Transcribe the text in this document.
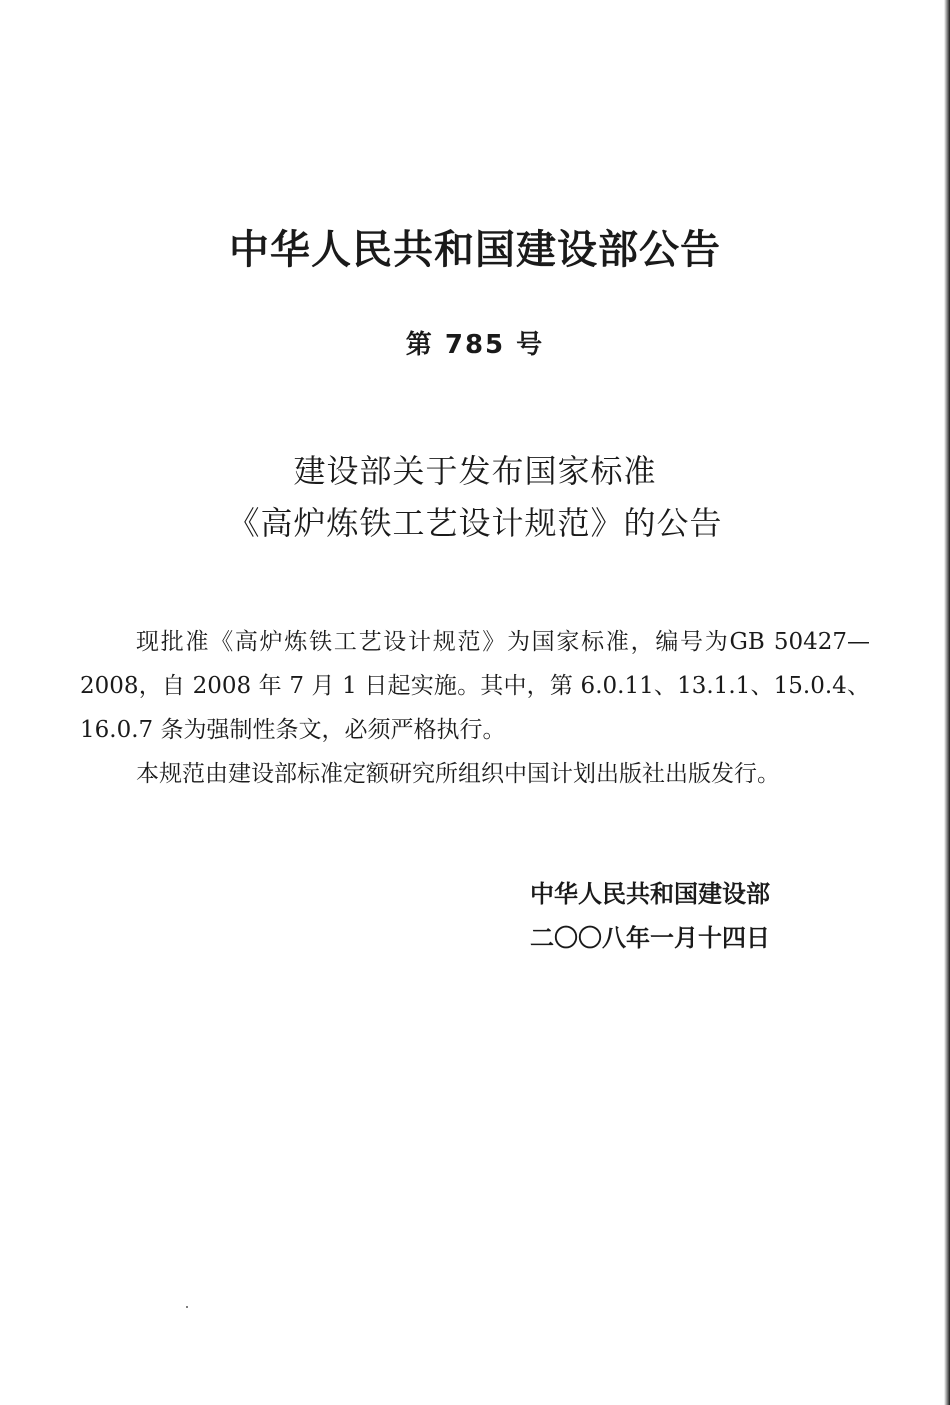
中华人民共和国建设部公告
第 785 号
建设部关于发布国家标准
《高炉炼铁工艺设计规范》的公告

现批准《高炉炼铁工艺设计规范》为国家标准，编号为GB 50427—2008，自 2008 年 7 月 1 日起实施。其中，第 6.0.11、13.1.1、15.0.4、16.0.7 条为强制性条文，必须严格执行。

本规范由建设部标准定额研究所组织中国计划出版社出版发行。

中华人民共和国建设部
二〇〇八年一月十四日
